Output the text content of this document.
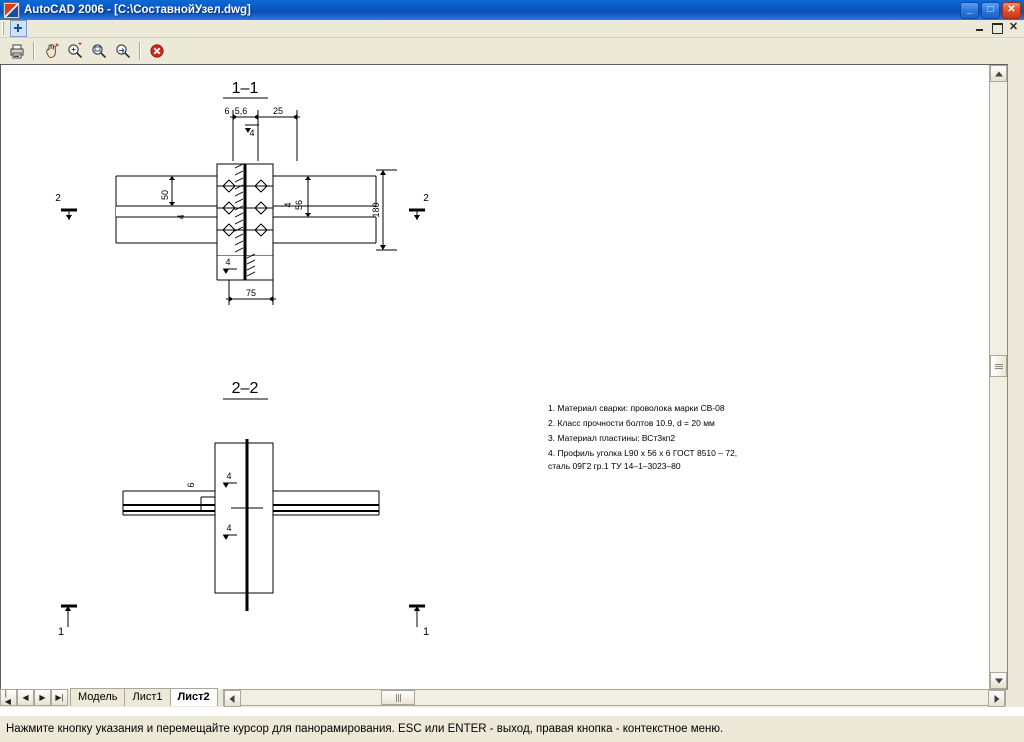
AutoCAD 2006 - [C:\СоставнойУзел.dwg]	_	□	✕
✕
1–1
5,6
6	25
4
50
4
56
4	180
4
75
2	2
2–2
6
4
4
1	1
1. Материал сварки: проволока марки СВ-08
2. Класс прочности болтов 10.9, d = 20 мм
3. Материал пластины: ВСт3кп2
4. Профиль уголка L90 x 56 x 6 ГОСТ 8510 – 72,
сталь 09Г2 гр.1 ТУ 14–1–3023–80
|◀ ◀ ▶ ▶|	Модель	Лист1	Лист2
Нажмите кнопку указания и перемещайте курсор для панорамирования. ESC или ENTER - выход, правая кнопка - контекстное меню.
